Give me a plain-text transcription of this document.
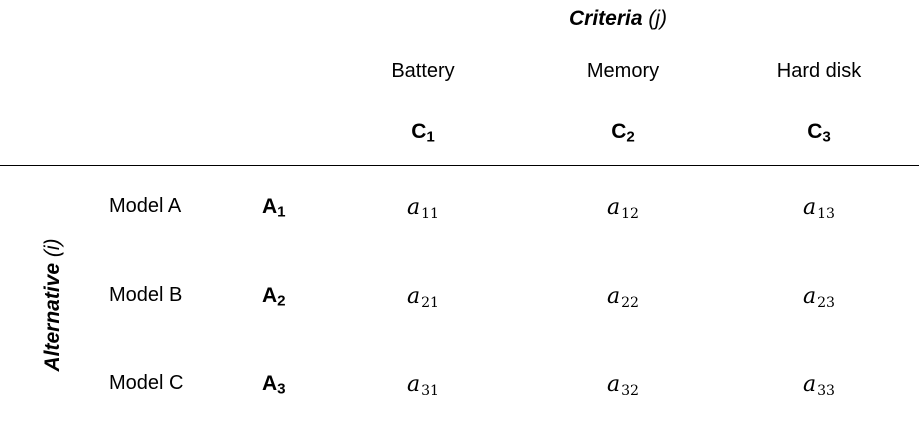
Criteria (j)
Battery	Memory	Hard disk
$C_1$	$C_2$	$C_3$
Alternative (i)
Model A	$A_1$	$a_{11}$	$a_{12}$	$a_{13}$
Model B	$A_2$	$a_{21}$	$a_{22}$	$a_{23}$
Model C	$A_3$	$a_{31}$	$a_{32}$	$a_{33}$
